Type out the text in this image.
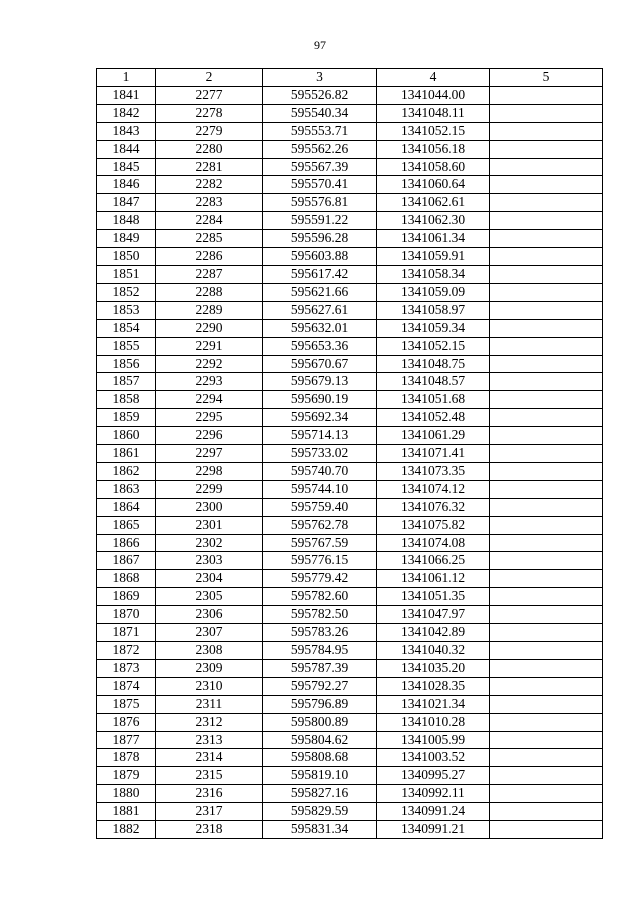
97
1	2	3	4	5
1841	2277	595526.82	1341044.00	
1842	2278	595540.34	1341048.11	
1843	2279	595553.71	1341052.15	
1844	2280	595562.26	1341056.18	
1845	2281	595567.39	1341058.60	
1846	2282	595570.41	1341060.64	
1847	2283	595576.81	1341062.61	
1848	2284	595591.22	1341062.30	
1849	2285	595596.28	1341061.34	
1850	2286	595603.88	1341059.91	
1851	2287	595617.42	1341058.34	
1852	2288	595621.66	1341059.09	
1853	2289	595627.61	1341058.97	
1854	2290	595632.01	1341059.34	
1855	2291	595653.36	1341052.15	
1856	2292	595670.67	1341048.75	
1857	2293	595679.13	1341048.57	
1858	2294	595690.19	1341051.68	
1859	2295	595692.34	1341052.48	
1860	2296	595714.13	1341061.29	
1861	2297	595733.02	1341071.41	
1862	2298	595740.70	1341073.35	
1863	2299	595744.10	1341074.12	
1864	2300	595759.40	1341076.32	
1865	2301	595762.78	1341075.82	
1866	2302	595767.59	1341074.08	
1867	2303	595776.15	1341066.25	
1868	2304	595779.42	1341061.12	
1869	2305	595782.60	1341051.35	
1870	2306	595782.50	1341047.97	
1871	2307	595783.26	1341042.89	
1872	2308	595784.95	1341040.32	
1873	2309	595787.39	1341035.20	
1874	2310	595792.27	1341028.35	
1875	2311	595796.89	1341021.34	
1876	2312	595800.89	1341010.28	
1877	2313	595804.62	1341005.99	
1878	2314	595808.68	1341003.52	
1879	2315	595819.10	1340995.27	
1880	2316	595827.16	1340992.11	
1881	2317	595829.59	1340991.24	
1882	2318	595831.34	1340991.21	
